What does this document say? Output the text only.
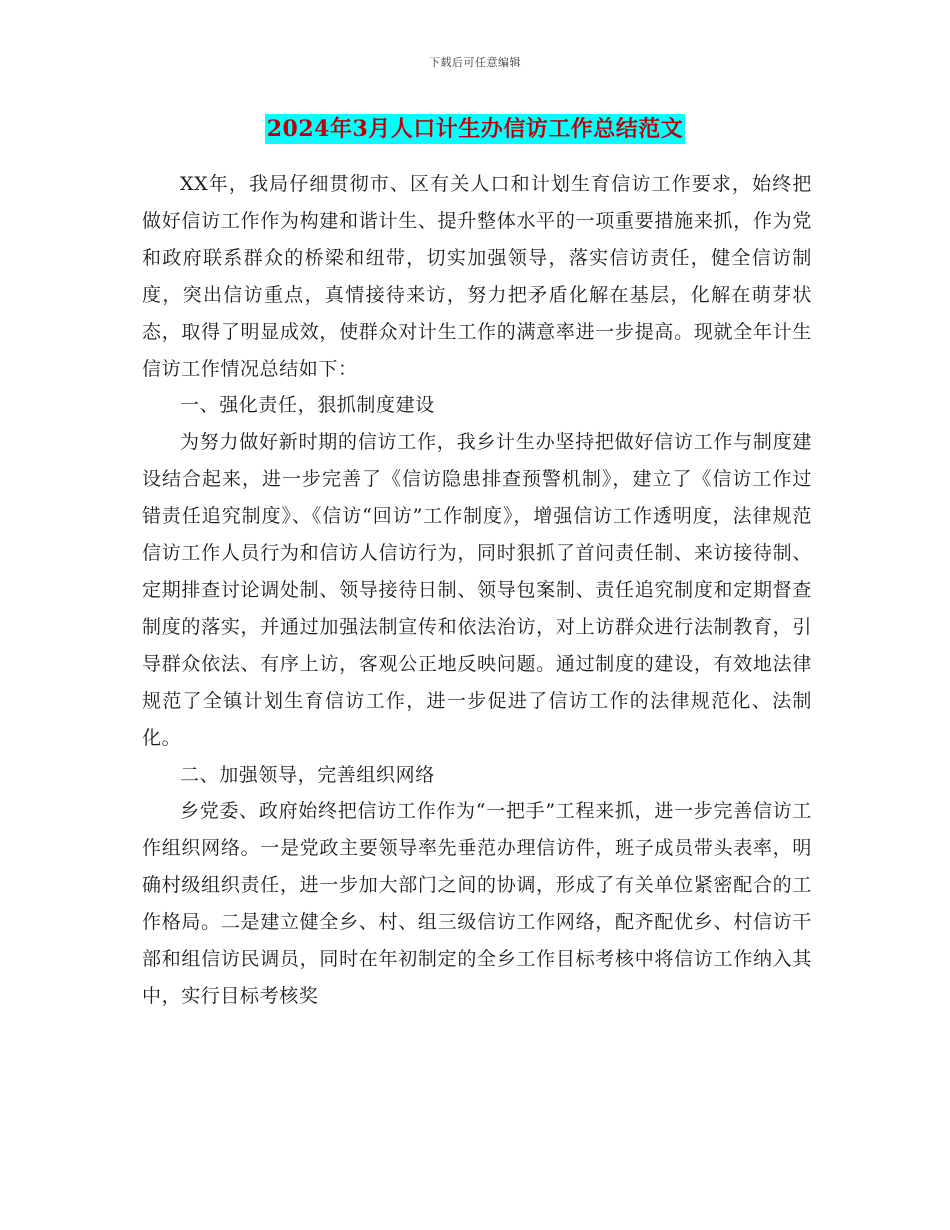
下载后可任意编辑
2024年3月人口计生办信访工作总结范文

XX年，我局仔细贯彻市、区有关人口和计划生育信访工作要求，始终把做好信访工作作为构建和谐计生、提升整体水平的一项重要措施来抓，作为党和政府联系群众的桥梁和纽带，切实加强领导，落实信访责任，健全信访制度，突出信访重点，真情接待来访，努力把矛盾化解在基层，化解在萌芽状态，取得了明显成效，使群众对计生工作的满意率进一步提高。现就全年计生信访工作情况总结如下：

一、强化责任，狠抓制度建设

为努力做好新时期的信访工作，我乡计生办坚持把做好信访工作与制度建设结合起来，进一步完善了《信访隐患排查预警机制》，建立了《信访工作过错责任追究制度》、《信访“回访”工作制度》，增强信访工作透明度，法律规范信访工作人员行为和信访人信访行为，同时狠抓了首问责任制、来访接待制、定期排查讨论调处制、领导接待日制、领导包案制、责任追究制度和定期督查制度的落实，并通过加强法制宣传和依法治访，对上访群众进行法制教育，引导群众依法、有序上访，客观公正地反映问题。通过制度的建设，有效地法律规范了全镇计划生育信访工作，进一步促进了信访工作的法律规范化、法制化。

二、加强领导，完善组织网络

乡党委、政府始终把信访工作作为“一把手”工程来抓，进一步完善信访工作组织网络。一是党政主要领导率先垂范办理信访件，班子成员带头表率，明确村级组织责任，进一步加大部门之间的协调，形成了有关单位紧密配合的工作格局。二是建立健全乡、村、组三级信访工作网络，配齐配优乡、村信访干部和组信访民调员，同时在年初制定的全乡工作目标考核中将信访工作纳入其中，实行目标考核奖
